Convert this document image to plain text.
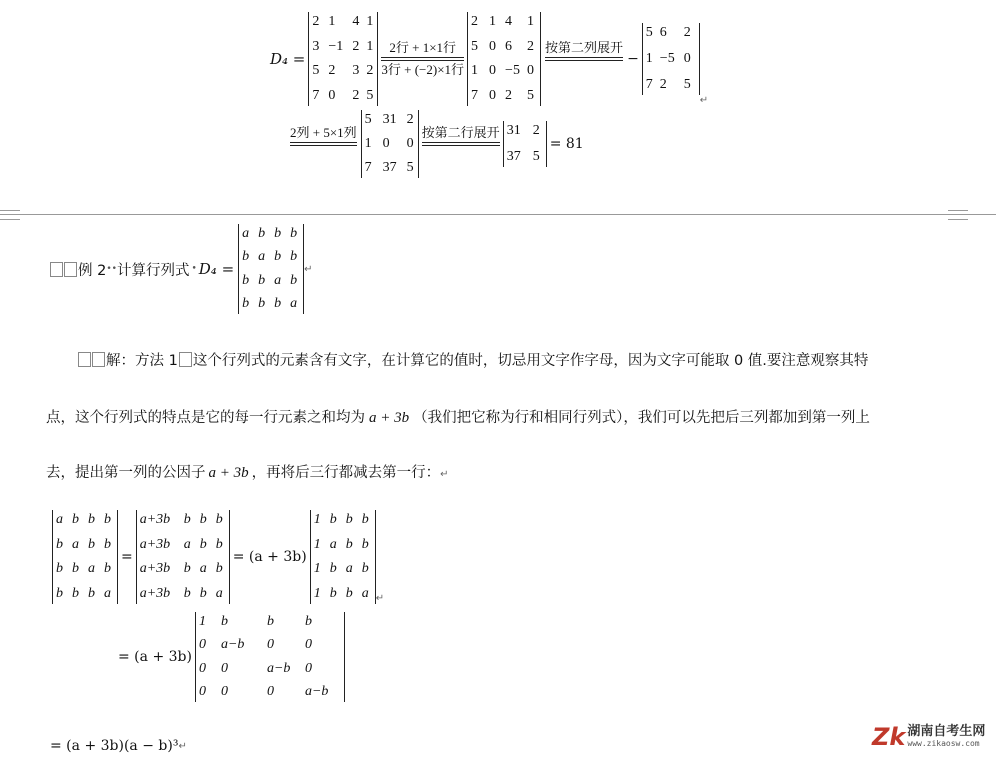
D₄ =
2 1	4 1
3 −1 2 1
5 2	3 2
7 0	2 5
2行 + 1×1行
3行 + (−2)×1行
2 1 4	1
5 0 6	2
1 0 −5 0
7 0 2	5
按第二列展开

−
5 6	2
1 −5 0
7 2	5
↵
2列 + 5×1列

5 31 2
1 0	0
7 37 5
按第二行展开
31 2
37 5
= 81
例 2 •• 计算行列式 • D₄ =
a b b b
b a b b
b b a b
b b b a
↵
解：方法 1 这个行列式的元素含有文字，在计算它的值时，切忌用文字作字母，因为文字可能取 0 值.要注意观察其特
点，这个行列式的特点是它的每一行元素之和均为 a + 3b （我们把它称为行和相同行列式），我们可以先把后三列都加到第一列上
去，提出第一列的公因子 a + 3b ，再将后三行都减去第一行：↵
a b b b
b a b b
b b a b
b b b a
=
a+3b b b b
a+3b a b b
a+3b b a b
a+3b b b a
= (a + 3b)
1 b b b
1 a b b
1 b a b
1 b b a ↵
= (a + 3b)
1	b	b	b
0	a−b	0	0
0	0	a−b	0
0	0	0	a−b
= (a + 3b)(a − b)³ ↵	Zk 湖南自考生网
www.zikaosw.com
